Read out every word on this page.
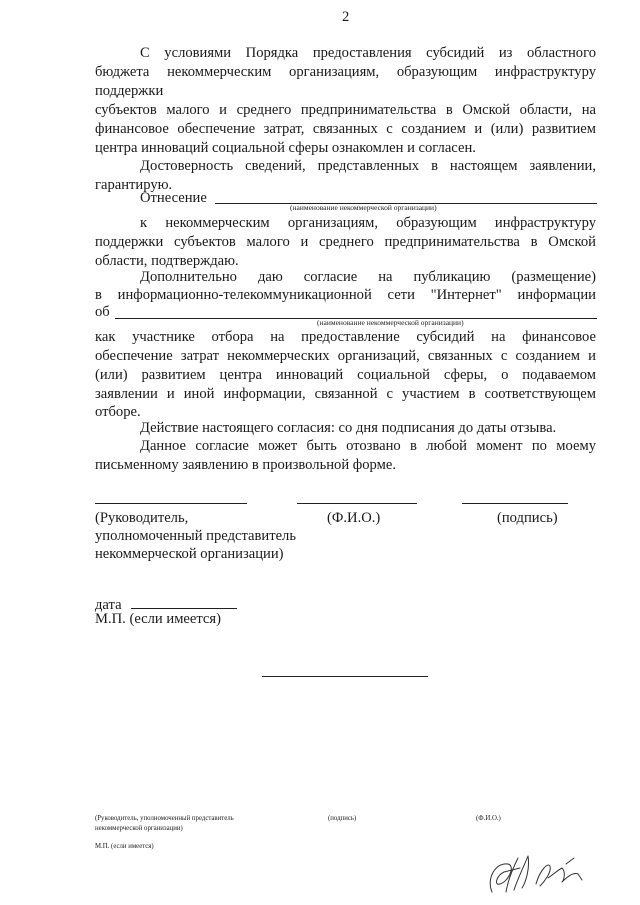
2
С условиями Порядка предоставления субсидий из областного
бюджета некоммерческим организациям, образующим инфраструктуру
поддержки
субъектов малого и среднего предпринимательства в Омской области, на
финансовое обеспечение затрат, связанных с созданием и (или) развитием
центра инноваций социальной сферы ознакомлен и согласен.
Достоверность сведений, представленных в настоящем заявлении,
гарантирую.
Отнесение
(наименование некоммерческой организации)
к некоммерческим организациям, образующим инфраструктуру
поддержки субъектов малого и среднего предпринимательства в Омской
области, подтверждаю.
Дополнительно даю согласие на публикацию (размещение)
в информационно-телекоммуникационной сети "Интернет" информации
об
(наименование некоммерческой организации)
как участнике отбора на предоставление субсидий на финансовое
обеспечение затрат некоммерческих организаций, связанных с созданием и
(или) развитием центра инноваций социальной сферы, о подаваемом
заявлении и иной информации, связанной с участием в соответствующем
отборе.
Действие настоящего согласия: со дня подписания до даты отзыва.
Данное согласие может быть отозвано в любой момент по моему
письменному заявлению в произвольной форме.
(Руководитель,	(Ф.И.О.)	(подпись)
уполномоченный представитель
некоммерческой организации)
дата
М.П. (если имеется)
(Руководитель, уполномоченный представитель
некоммерческой организации)
(подпись)	(Ф.И.О.)
М.П. (если имеется)
